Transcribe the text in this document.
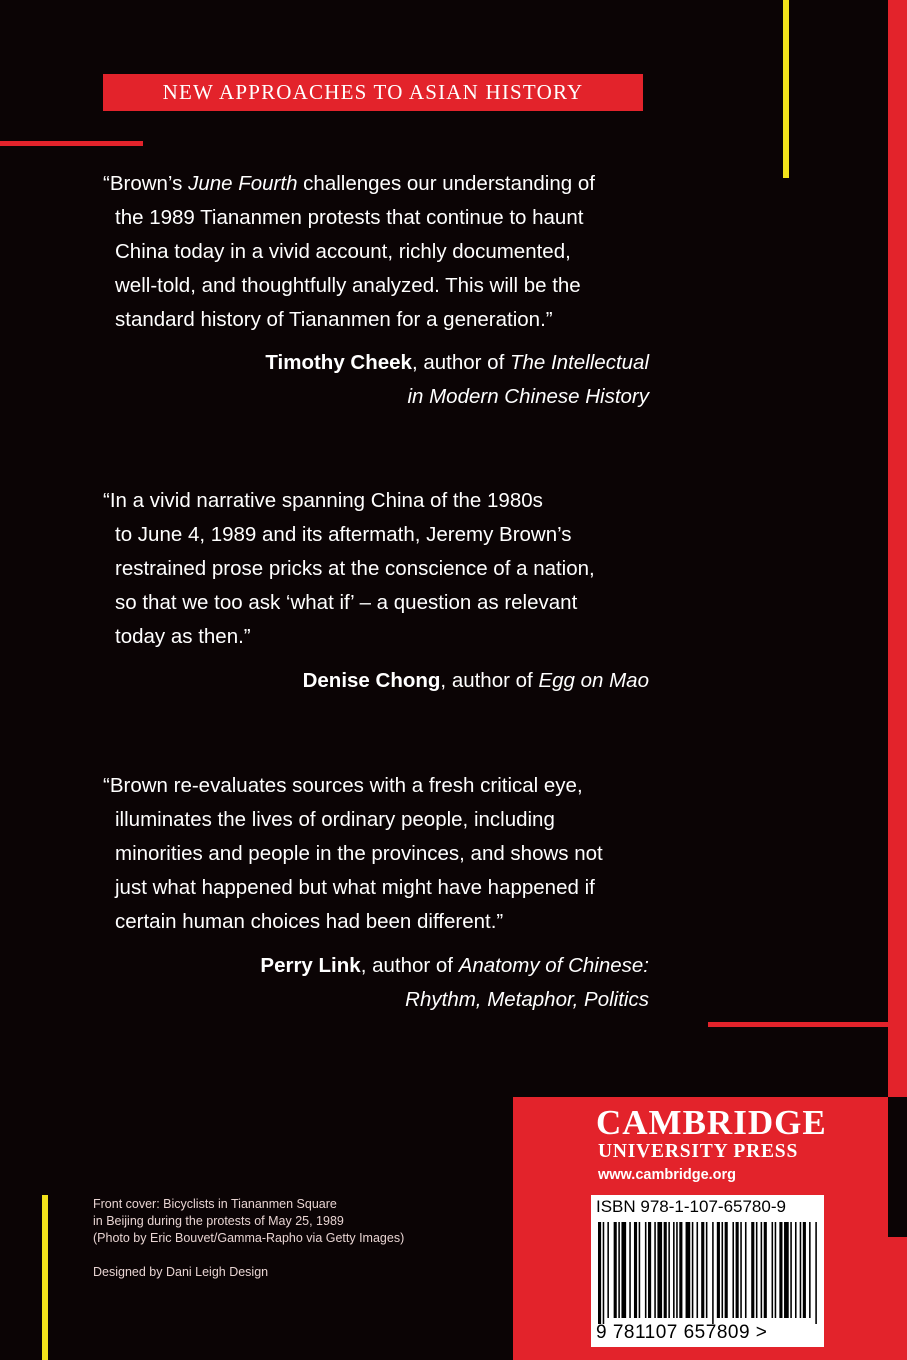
NEW APPROACHES TO ASIAN HISTORY
“Brown’s June Fourth challenges our understanding of
the 1989 Tiananmen protests that continue to haunt
China today in a vivid account, richly documented,
well-told, and thoughtfully analyzed. This will be the
standard history of Tiananmen for a generation.”
Timothy Cheek, author of The Intellectual
in Modern Chinese History
“In a vivid narrative spanning China of the 1980s
to June 4, 1989 and its aftermath, Jeremy Brown’s
restrained prose pricks at the conscience of a nation,
so that we too ask ‘what if’ – a question as relevant
today as then.”
Denise Chong, author of Egg on Mao
“Brown re-evaluates sources with a fresh critical eye,
illuminates the lives of ordinary people, including
minorities and people in the provinces, and shows not
just what happened but what might have happened if
certain human choices had been different.”
Perry Link, author of Anatomy of Chinese:
Rhythm, Metaphor, Politics
Front cover: Bicyclists in Tiananmen Square
in Beijing during the protests of May 25, 1989
(Photo by Eric Bouvet/Gamma-Rapho via Getty Images)
Designed by Dani Leigh Design
CAMBRIDGE
UNIVERSITY PRESS
www.cambridge.org
ISBN 978-1-107-65780-9
9 781107 657809 >
